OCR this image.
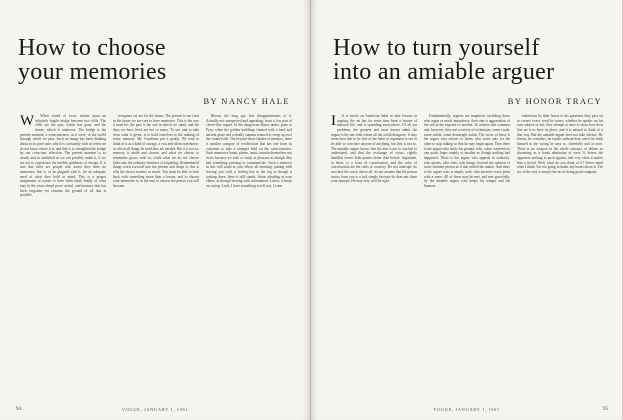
How to choose
your memories
BY NANCY HALE
W	When stared at every instant upon an infinitely fragile bridge between two cliffs. The cliffs are the past, which has gone; and the future, which is unknown. The bridge is the present moment; a consciousness, as it were, of the world through which we pass. Such an image has been thinking about in its pure state, which is constantly with us when we do not know where it is, and that is to strengthen the bridge by our conscious selection. The present moment is so steady and so unshifted as we can possibly make it, if we are not to experience the terrible giddiness of vertigo. It is true that there are people who assert they have no memories; that is, to be plagued with it, for an adequate need of what they hold in mind. This is a proper assignment of nature to have them think fondly of what may in the years ahead prove useful; and memory that has been forgotten yet remains the ground of all that is possible.

recognize yet are for the future. The present is our food in the future we are sure to have memories. This is the way it must be, the past is the soil in which we stand, and the days we have lived are not so many. To see, and to take from what is given, is to hold ourselves to the making of every memory. Mr. Goodman put it gently. We tend to think of it as a kind of storage, a vast and silent warehouse, in which all things lie until they are needed. But it is not so; memory is made and chosen, and what we choose to remember grows with us, while what we do not choose fades into the ordinary furniture of forgetting. Remembered things reach forward into the present and shape it; this is why the choice matters so much. You must be able to look back with something more than a lesson, and to choose your memories is, in the end, to choose the person you will become.

Bloom, the long ago first disappointments of it. Actually not unexpected and appealing, from a low part of clover-like regard. In the dangerous illness under, gone to Pyrn, when the golden buildings framed with a hard and ancient glaze and a deadly autumn seemed to creep up over the countryside. The beyond those flashes of memory, there is another category of recollection that has one from its container to take a stronger hold on the consciousness. Such memories haunt, please, insist; intrude themselves not twice because we seek or study or pleasure as though they had something pressing to communicate. Such a memory as this will stand at your elbow all morning, putting with leaving you cold, a feeling lost in the fog as though it waiting there, there it still stands, listen, pleading at your elbow, as though bearing with information. Listen, it keeps on saying. Look, I have something to tell you. Listen.

94	VOGUE, JANUARY 1, 1961
How to turn yourself
into an amiable arguer
BY HONOR TRACY
I	It is surely an American habit to take lessons in arguing, the art has for some time been a feature of national life, and is spreading everywhere. Of all our problems, the greatest and most honest admit the arguer is the one with whom all the world disagrees. It may seem then that to be free of the habit of argument is not to be able to convince anyone of anything, but this is not so. The amiable arguer knows that the aim is not to win but to understand, and that the exchange of views, rightly handled, leaves both parties richer than before. Argument, in short, is a form of conversation, and the rules of conversation are the rules of courtesy. Do not interrupt; do not raise the voice; above all, do not assume that the person across from you is a fool simply because he does not share your opinion. He may very well be right.

Fundamentally, arguers are impatient; including those who argue as much impatience; their aim is aggravation of the self at the expense of another. To achieve this common end, however, they use a variety of techniques, some crude, some subtle, some downright unfair. The worst of these is the arguer who refuses to listen, who waits only for the other to stop talking so that he may begin again. Then there is the arguer who shifts his ground, who, when cornered on one point, leaps nimbly to another as though nothing had happened. There is the arguer who appeals to authority, who quotes, who cites, who brings forward the opinion of some eminent person as if that settled the matter. And there is the arguer who is simply rude, who answers every point with a sneer. All of these may be met, and met gracefully, by the amiable arguer who keeps his temper and his humour.

endeavour by their house to his greatness they pass on to correct every word he utters, whether he speaks on his own subject or not; they attempt at once to show how their fine art is to have its place, and it is natural to think of it that way. But the amiable arguer does not take offence. He listens, he considers, he replies without heat, and if he finds himself in the wrong he says so, cheerfully and at once. There is no weapon in the whole armoury of debate so disarming as a frank admission of error. It leaves the opponent nothing to push against, and very often it makes him a friend. Well, what do you think of it? Never mind what I think; I'm not going to make any bones about it. The art, in the end, is simply the art of being good company.

VOGUE, JANUARY 1, 1961	95
